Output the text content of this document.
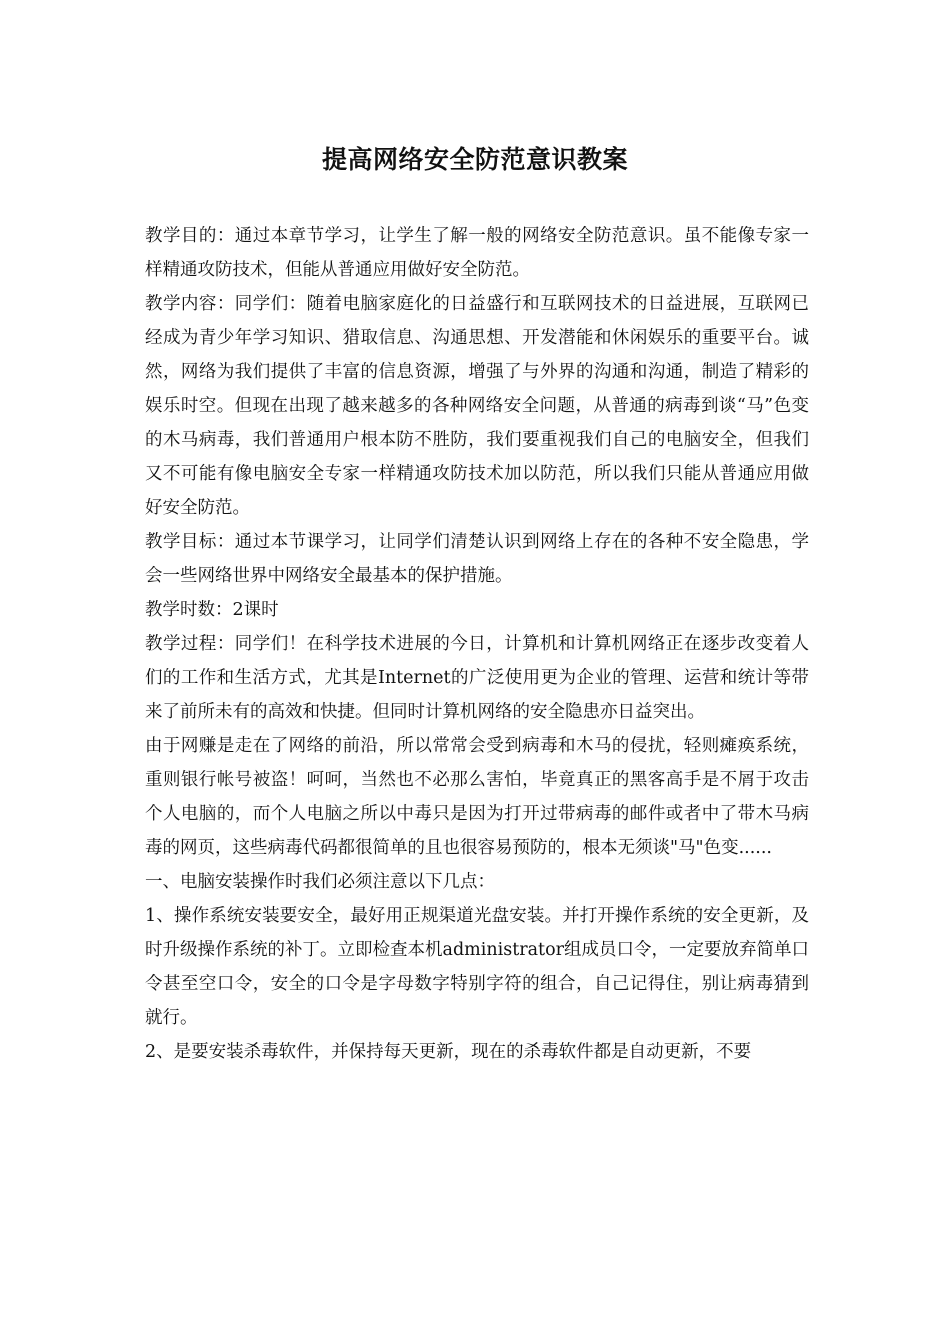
提高网络安全防范意识教案

教学目的：通过本章节学习，让学生了解一般的网络安全防范意识。虽不能像专家一样精通攻防技术，但能从普通应用做好安全防范。

教学内容：同学们：随着电脑家庭化的日益盛行和互联网技术的日益进展，互联网已经成为青少年学习知识、猎取信息、沟通思想、开发潜能和休闲娱乐的重要平台。诚然，网络为我们提供了丰富的信息资源，增强了与外界的沟通和沟通，制造了精彩的娱乐时空。但现在出现了越来越多的各种网络安全问题，从普通的病毒到谈“马”色变的木马病毒，我们普通用户根本防不胜防，我们要重视我们自己的电脑安全，但我们又不可能有像电脑安全专家一样精通攻防技术加以防范，所以我们只能从普通应用做好安全防范。

教学目标：通过本节课学习，让同学们清楚认识到网络上存在的各种不安全隐患，学会一些网络世界中网络安全最基本的保护措施。

教学时数：2课时

教学过程：同学们！在科学技术进展的今日，计算机和计算机网络正在逐步改变着人们的工作和生活方式，尤其是Internet的广泛使用更为企业的管理、运营和统计等带来了前所未有的高效和快捷。但同时计算机网络的安全隐患亦日益突出。

由于网赚是走在了网络的前沿，所以常常会受到病毒和木马的侵扰，轻则瘫痪系统，重则银行帐号被盗！呵呵，当然也不必那么害怕，毕竟真正的黑客高手是不屑于攻击个人电脑的，而个人电脑之所以中毒只是因为打开过带病毒的邮件或者中了带木马病毒的网页，这些病毒代码都很简单的且也很容易预防的，根本无须谈"马"色变......

一、电脑安装操作时我们必须注意以下几点：

1、操作系统安装要安全，最好用正规渠道光盘安装。并打开操作系统的安全更新，及时升级操作系统的补丁。立即检查本机administrator组成员口令，一定要放弃简单口令甚至空口令，安全的口令是字母数字特别字符的组合，自己记得住，别让病毒猜到就行。

2、是要安装杀毒软件，并保持每天更新，现在的杀毒软件都是自动更新，不要
